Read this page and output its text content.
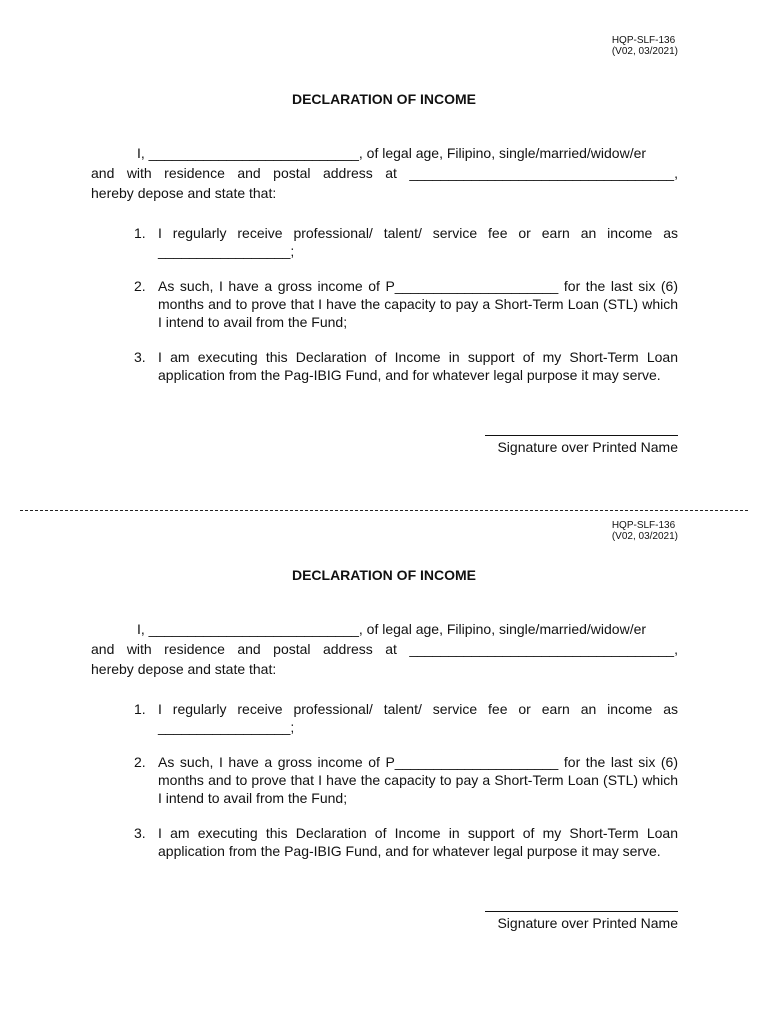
HQP-SLF-136
(V02, 03/2021)
DECLARATION OF INCOME
I, ___________________________, of legal age, Filipino, single/married/widow/er
and with residence and postal address at __________________________________,
hereby depose and state that:
1. I regularly receive professional/ talent/ service fee or earn an income as _________________;
2. As such, I have a gross income of P_____________________ for the last six (6) months and to prove that I have the capacity to pay a Short-Term Loan (STL) which I intend to avail from the Fund;
3. I am executing this Declaration of Income in support of my Short-Term Loan application from the Pag-IBIG Fund, and for whatever legal purpose it may serve.
Signature over Printed Name
HQP-SLF-136
(V02, 03/2021)
DECLARATION OF INCOME
I, ___________________________, of legal age, Filipino, single/married/widow/er
and with residence and postal address at __________________________________,
hereby depose and state that:
1. I regularly receive professional/ talent/ service fee or earn an income as _________________;
2. As such, I have a gross income of P_____________________ for the last six (6) months and to prove that I have the capacity to pay a Short-Term Loan (STL) which I intend to avail from the Fund;
3. I am executing this Declaration of Income in support of my Short-Term Loan application from the Pag-IBIG Fund, and for whatever legal purpose it may serve.
Signature over Printed Name
